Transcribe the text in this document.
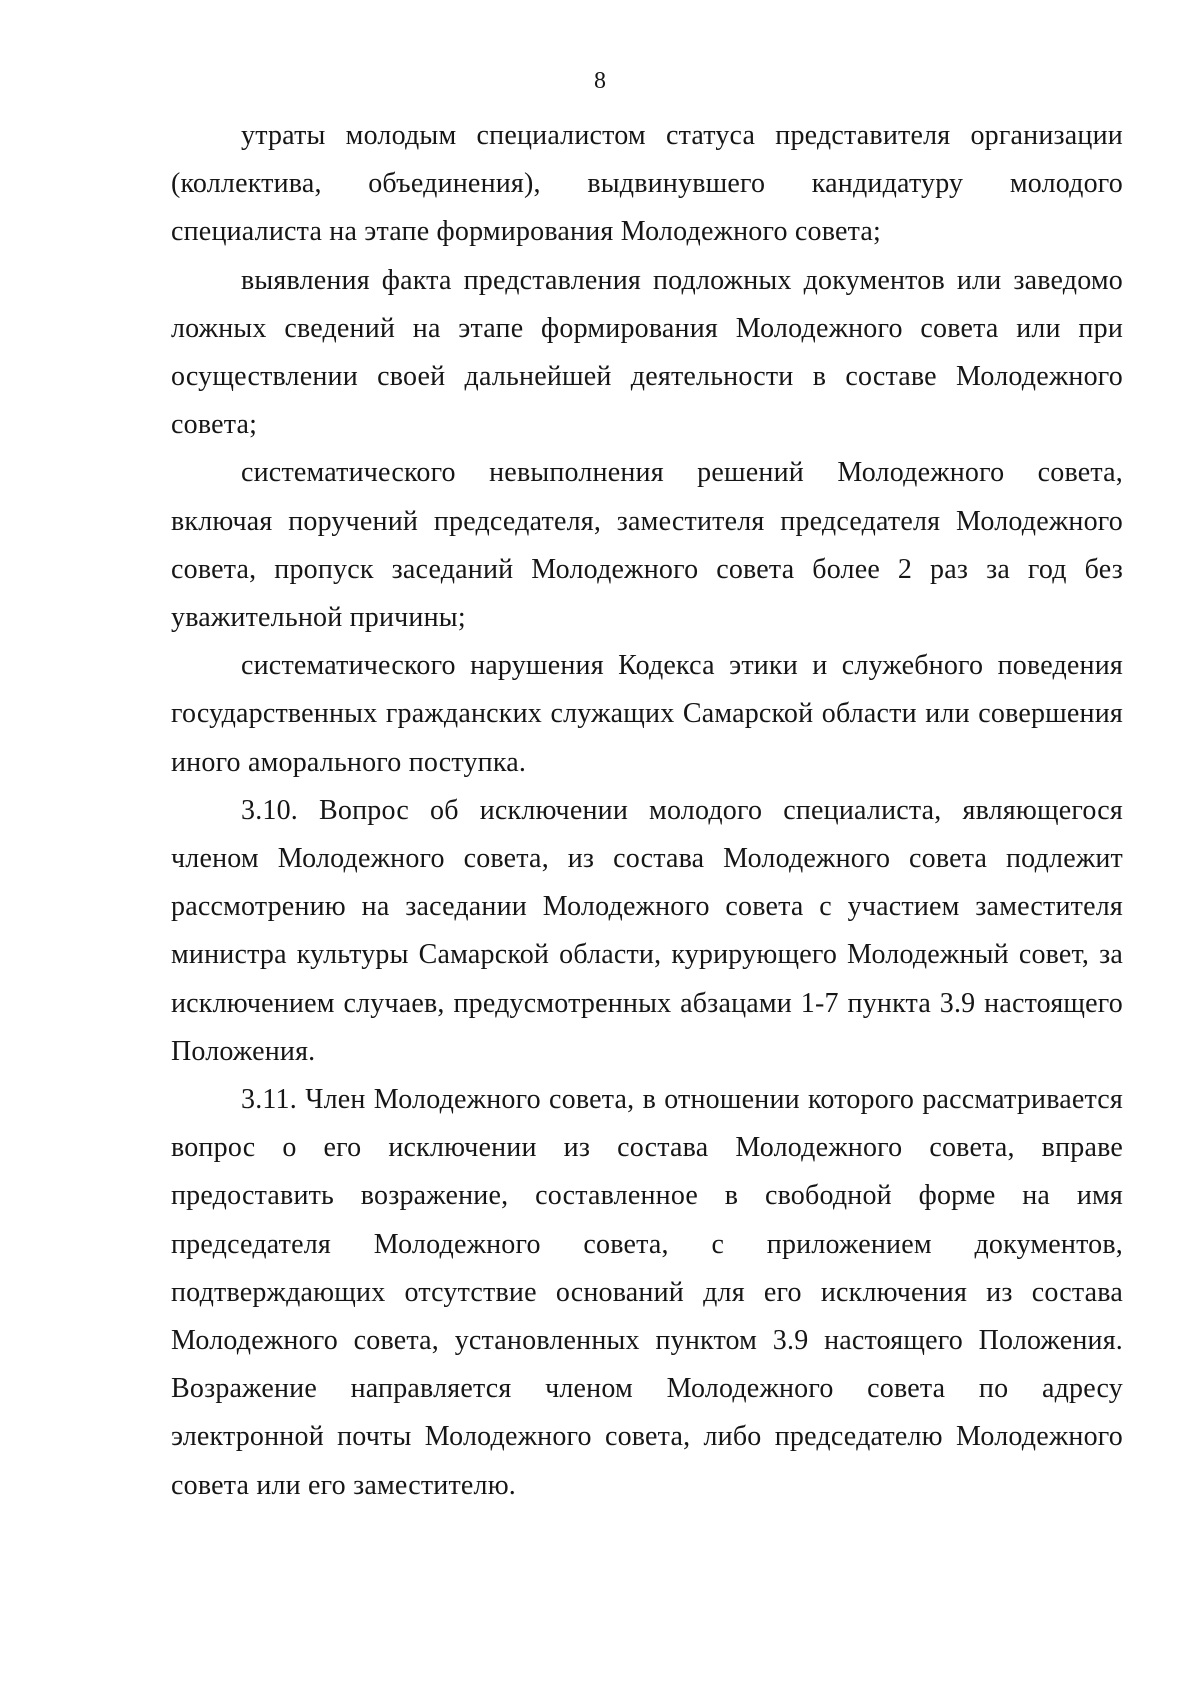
8

утраты молодым специалистом статуса представителя организации (коллектива, объединения), выдвинувшего кандидатуру молодого специалиста на этапе формирования Молодежного совета;

выявления факта представления подложных документов или заведомо ложных сведений на этапе формирования Молодежного совета или при осуществлении своей дальнейшей деятельности в составе Молодежного совета;

систематического невыполнения решений Молодежного совета, включая поручений председателя, заместителя председателя Молодежного совета, пропуск заседаний Молодежного совета более 2 раз за год без уважительной причины;

систематического нарушения Кодекса этики и служебного поведения государственных гражданских служащих Самарской области или совершения иного аморального поступка.

3.10. Вопрос об исключении молодого специалиста, являющегося членом Молодежного совета, из состава Молодежного совета подлежит рассмотрению на заседании Молодежного совета с участием заместителя министра культуры Самарской области, курирующего Молодежный совет, за исключением случаев, предусмотренных абзацами 1-7 пункта 3.9 настоящего Положения.

3.11. Член Молодежного совета, в отношении которого рассматривается вопрос о его исключении из состава Молодежного совета, вправе предоставить возражение, составленное в свободной форме на имя председателя Молодежного совета, с приложением документов, подтверждающих отсутствие оснований для его исключения из состава Молодежного совета, установленных пунктом 3.9 настоящего Положения. Возражение направляется членом Молодежного совета по адресу электронной почты Молодежного совета, либо председателю Молодежного совета или его заместителю.
